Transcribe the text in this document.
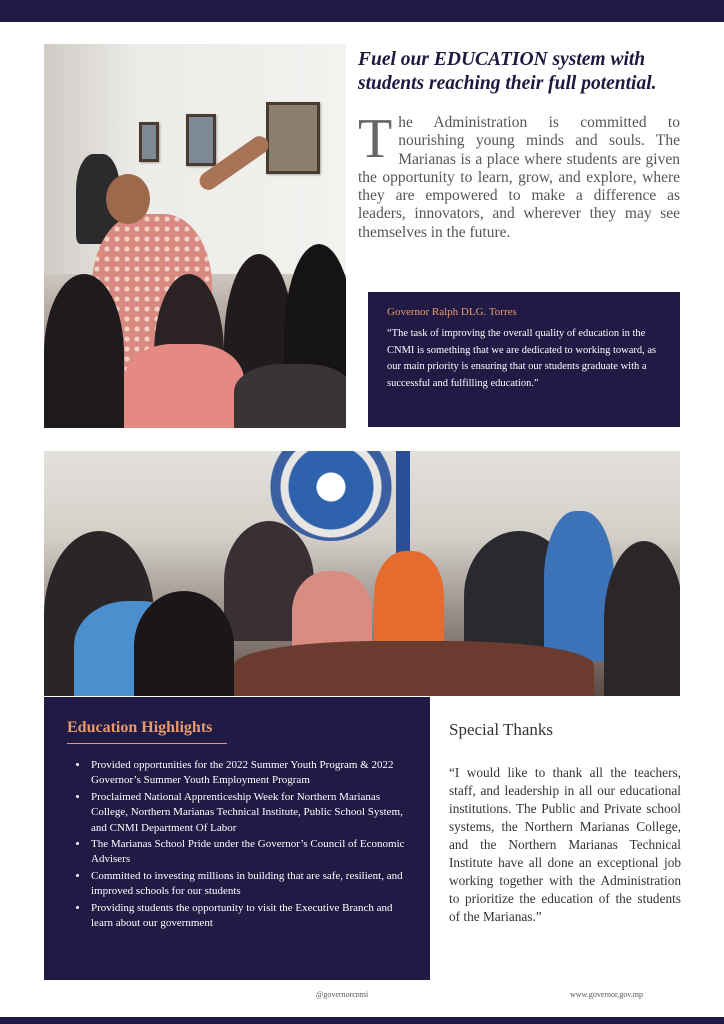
Fuel our EDUCATION system with students reaching their full potential.

The Administration is committed to nourishing young minds and souls. The Marianas is a place where students are given the opportunity to learn, grow, and explore, where they are empowered to make a difference as leaders, innovators, and wherever they may see themselves in the future.

Governor Ralph DLG. Torres

“The task of improving the overall quality of education in the CNMI is something that we are dedicated to working toward, as our main priority is ensuring that our students graduate with a successful and fulfilling education.”

Education Highlights
• Provided opportunities for the 2022 Summer Youth Program & 2022 Governor’s Summer Youth Employment Program
• Proclaimed National Apprenticeship Week for Northern Marianas College, Northern Marianas Technical Institute, Public School System, and CNMI Department Of Labor
• The Marianas School Pride under the Governor’s Council of Economic Advisers
• Committed to investing millions in building that are safe, resilient, and improved schools for our students
• Providing students the opportunity to visit the Executive Branch and learn about our government
Special Thanks

“I would like to thank all the teachers, staff, and leadership in all our educational institutions. The Public and Private school systems, the Northern Marianas College, and the Northern Marianas Technical Institute have all done an exceptional job working together with the Administration to prioritize the education of the students of the Marianas.”

@governorcnmi	www.governor.gov.mp
